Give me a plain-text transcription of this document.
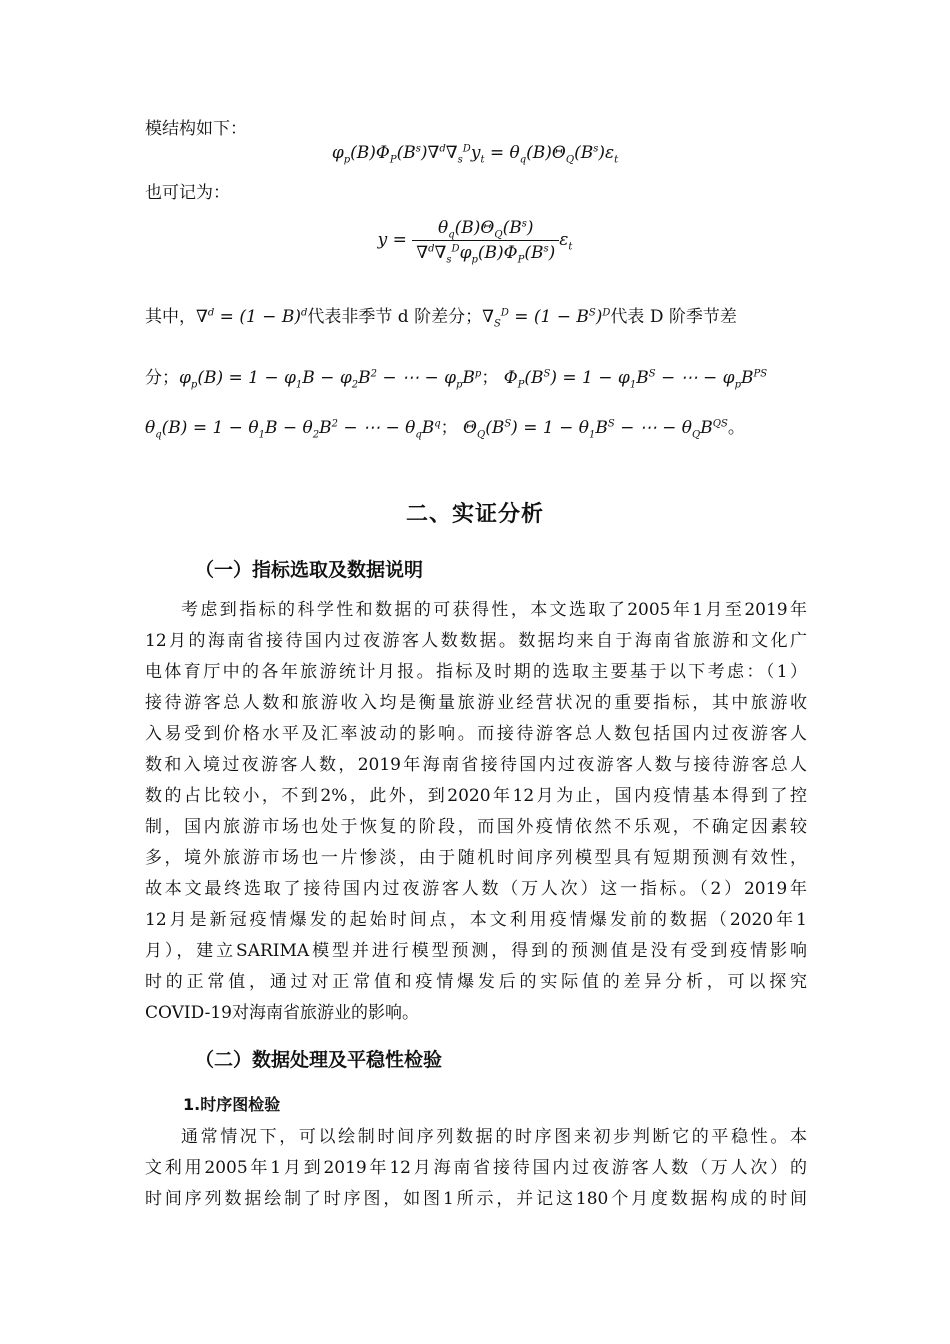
模结构如下：
$\varphi_p(B)\Phi_P(B^s)\nabla^d\nabla_s^Dy_t = \theta_q(B)\Theta_Q(B^s)\varepsilon_t$
也可记为：
$y = \frac{\theta_q(B)\Theta_Q(B^s)}{\nabla^d\nabla_s^D\varphi_p(B)\Phi_P(B^s)} \varepsilon_t$
其中，$\nabla^d = (1 - B)^d$代表非季节 d 阶差分；$\nabla_S^D = (1 - B^S)^D$代表 D 阶季节差
分；$\varphi_p(B) = 1 - \varphi_1B - \varphi_2B^2$ − ⋯ − $\varphi_pB^p$； $\Phi_P(B^S) = 1 - \varphi_1B^S$ − ⋯ − $\varphi_pB^{PS}$
$\theta_q(B) = 1 - \theta_1B - \theta_2B^2$ − ⋯ − $\theta_qB^q$； $\Theta_Q(B^S) = 1 - \theta_1B^S$ − ⋯ − $\theta_QB^{QS}$。
二、实证分析
（一）指标选取及数据说明
考虑到指标的科学性和数据的可获得性，本文选取了2005年1月至2019年
12月的海南省接待国内过夜游客人数数据。数据均来自于海南省旅游和文化广
电体育厅中的各年旅游统计月报。指标及时期的选取主要基于以下考虑：（1）
接待游客总人数和旅游收入均是衡量旅游业经营状况的重要指标，其中旅游收
入易受到价格水平及汇率波动的影响。而接待游客总人数包括国内过夜游客人
数和入境过夜游客人数，2019年海南省接待国内过夜游客人数与接待游客总人
数的占比较小，不到2%，此外，到2020年12月为止，国内疫情基本得到了控
制，国内旅游市场也处于恢复的阶段，而国外疫情依然不乐观，不确定因素较
多，境外旅游市场也一片惨淡，由于随机时间序列模型具有短期预测有效性，
故本文最终选取了接待国内过夜游客人数（万人次）这一指标。（2）2019年
12月是新冠疫情爆发的起始时间点，本文利用疫情爆发前的数据（2020年1
月），建立SARIMA模型并进行模型预测，得到的预测值是没有受到疫情影响
时的正常值，通过对正常值和疫情爆发后的实际值的差异分析，可以探究
COVID-19对海南省旅游业的影响。
（二）数据处理及平稳性检验
1.时序图检验
通常情况下，可以绘制时间序列数据的时序图来初步判断它的平稳性。本
文利用2005年1月到2019年12月海南省接待国内过夜游客人数（万人次）的
时间序列数据绘制了时序图，如图1所示，并记这180个月度数据构成的时间
